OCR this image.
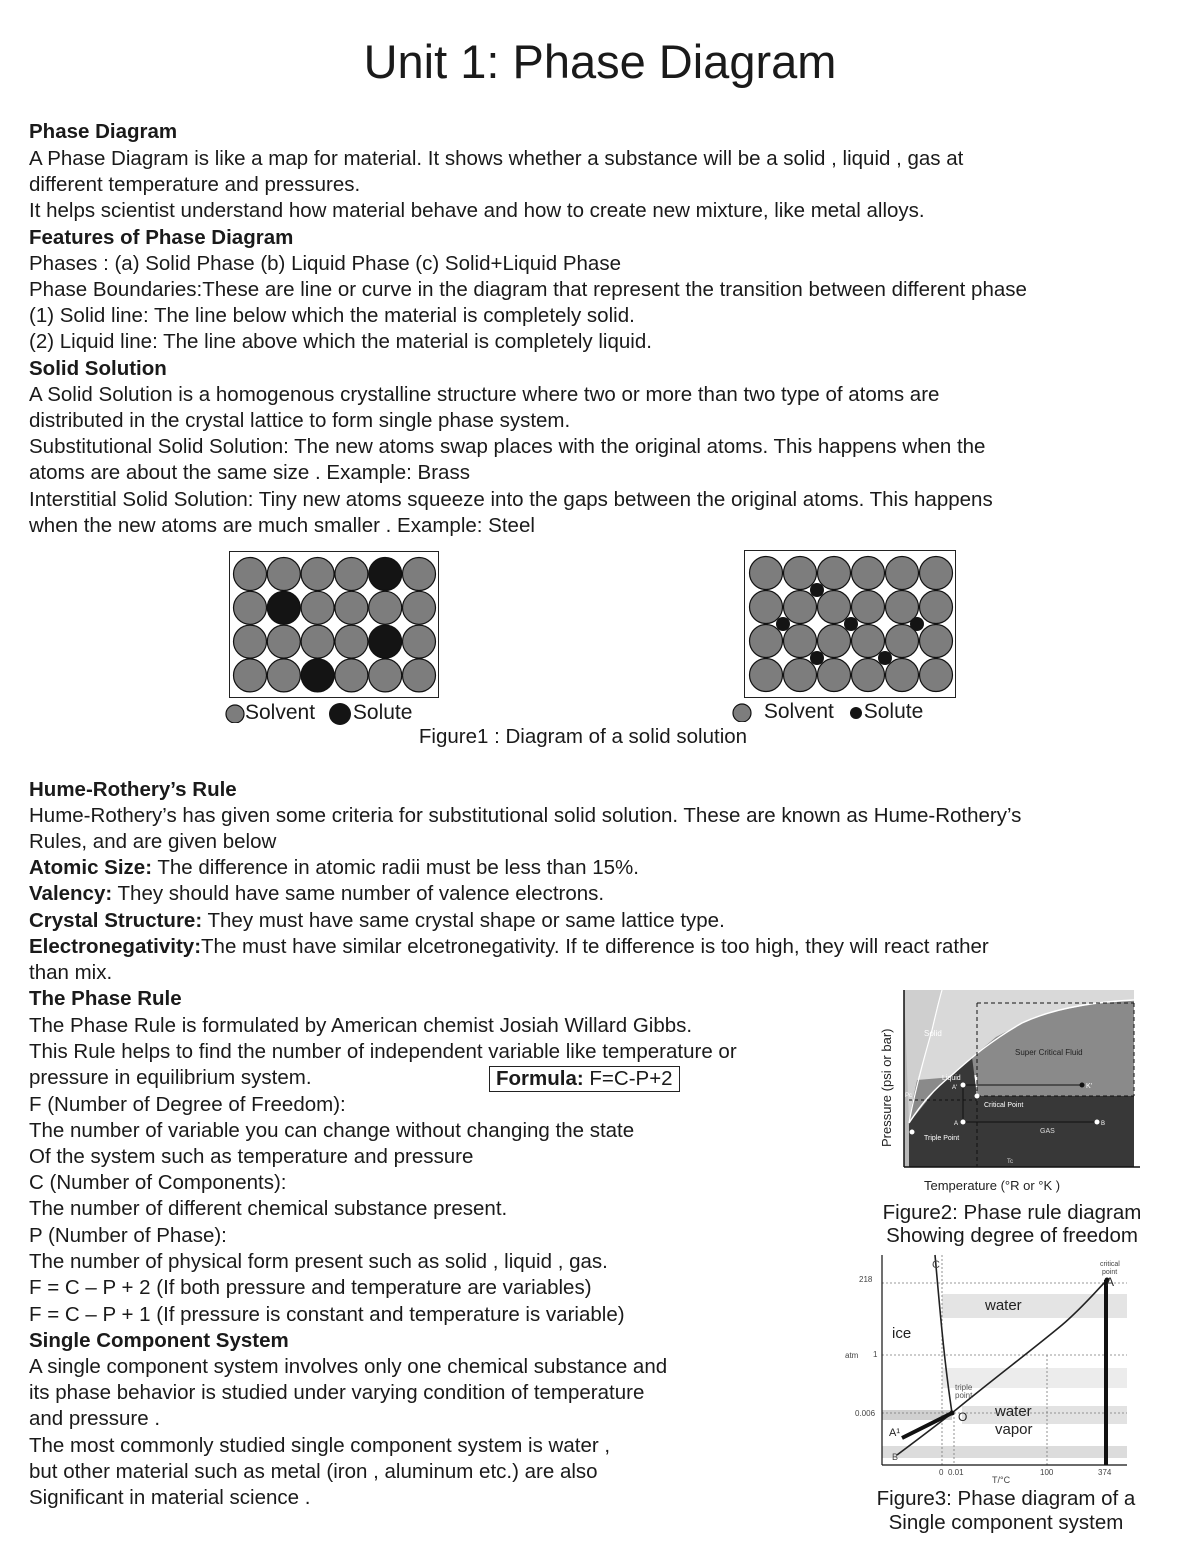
Unit 1: Phase Diagram
Phase Diagram
A Phase Diagram is like a map for material. It shows whether a substance will be a solid , liquid , gas at
different temperature and pressures.
It helps scientist understand how material behave and how to create new mixture, like metal alloys.
Features of Phase Diagram
Phases : (a) Solid Phase (b) Liquid Phase (c) Solid+Liquid Phase
Phase Boundaries:These are line or curve in the diagram that represent the transition between different phase
(1) Solid line: The line below which the material is completely solid.
(2) Liquid line: The line above which the material is completely liquid.
Solid Solution
A Solid Solution is a homogenous crystalline structure where two or more than two type of atoms are
distributed in the crystal lattice to form single phase system.
Substitutional Solid Solution: The new atoms swap places with the original atoms. This happens when the
atoms are about the same size . Example: Brass
Interstitial Solid Solution: Tiny new atoms squeeze into the gaps between the original atoms. This happens
when the new atoms are much smaller . Example: Steel
Solvent Solute	Solvent Solute
Figure1 : Diagram of a solid solution
Hume-Rothery’s Rule
Hume-Rothery’s has given some criteria for substitutional solid solution. These are known as Hume-Rothery’s
Rules, and are given below
Atomic Size: The difference in atomic radii must be less than 15%.
Valency: They should have same number of valence electrons.
Crystal Structure: They must have same crystal shape or same lattice type.
Electronegativity:The must have similar elcetronegativity. If te difference is too high, they will react rather
than mix.
The Phase Rule
The Phase Rule is formulated by American chemist Josiah Willard Gibbs.
This Rule helps to find the number of independent variable like temperature or
pressure in equilibrium system.	Formula: F=C-P+2
F (Number of Degree of Freedom):
The number of variable you can change without changing the state
Of the system such as temperature and pressure
C (Number of Components):
The number of different chemical substance present.
P (Number of Phase):
The number of physical form present such as solid , liquid , gas.
F = C – P + 2 (If both pressure and temperature are variables)
F = C – P + 1 (If pressure is constant and temperature is variable)
Single Component System
A single component system involves only one chemical substance and
its phase behavior is studied under varying condition of temperature
and pressure .
The most commonly studied single component system is water ,
but other material such as metal (iron , aluminum etc.) are also
Significant in material science .
Pressure (psi or bar)	Solid
Super Critical Fluid
Liquid
Critical Point
GAS
Triple Point
Pc
Tc
K'
A'
A	B
Temperature (°R or °K )
Figure2: Phase rule diagram
Showing degree of freedom
C	critical
point
A
water
ice
triple
point
O water
vapor
A¹
B
218
atm 1
0.006
0 0.01
T/°C
100	374
Figure3: Phase diagram of a
Single component system
